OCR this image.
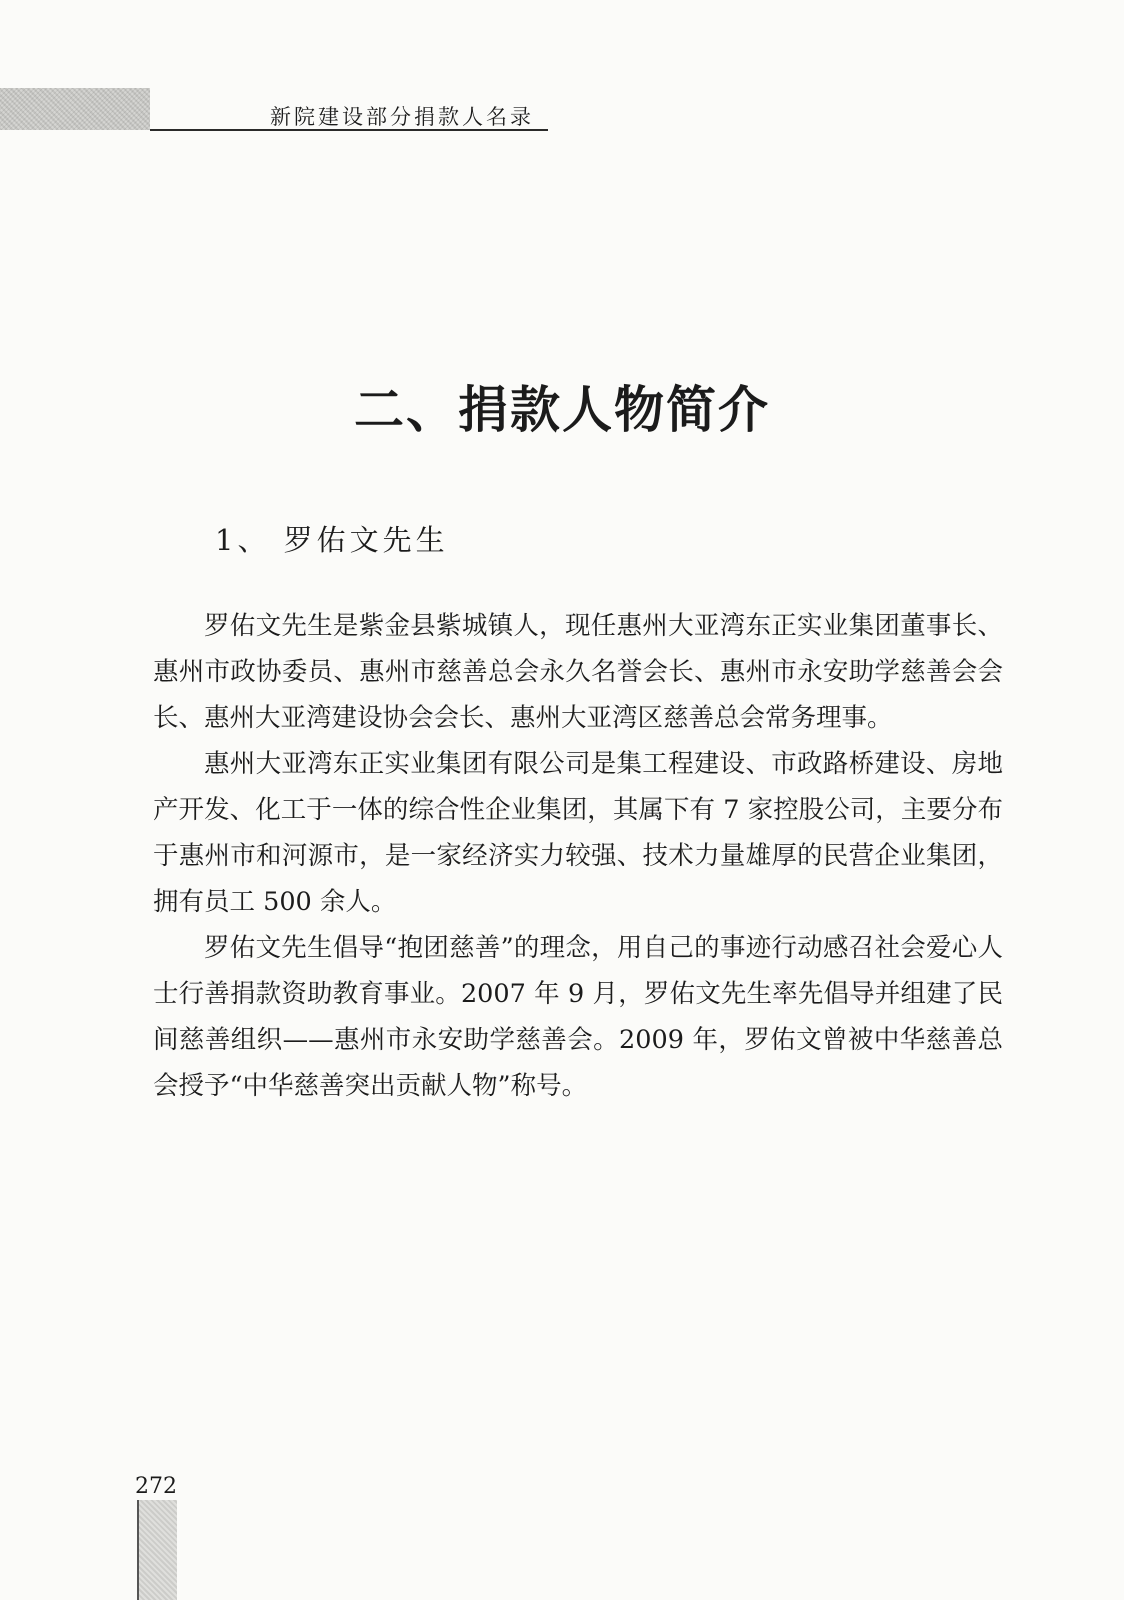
新院建设部分捐款人名录
二、捐款人物简介
1、 罗佑文先生

罗佑文先生是紫金县紫城镇人，现任惠州大亚湾东正实业集团董事长、惠州市政协委员、惠州市慈善总会永久名誉会长、惠州市永安助学慈善会会长、惠州大亚湾建设协会会长、惠州大亚湾区慈善总会常务理事。

惠州大亚湾东正实业集团有限公司是集工程建设、市政路桥建设、房地产开发、化工于一体的综合性企业集团，其属下有 7 家控股公司，主要分布于惠州市和河源市，是一家经济实力较强、技术力量雄厚的民营企业集团，拥有员工 500 余人。

罗佑文先生倡导“抱团慈善”的理念，用自己的事迹行动感召社会爱心人士行善捐款资助教育事业。2007 年 9 月，罗佑文先生率先倡导并组建了民间慈善组织——惠州市永安助学慈善会。2009 年，罗佑文曾被中华慈善总会授予“中华慈善突出贡献人物”称号。

272
